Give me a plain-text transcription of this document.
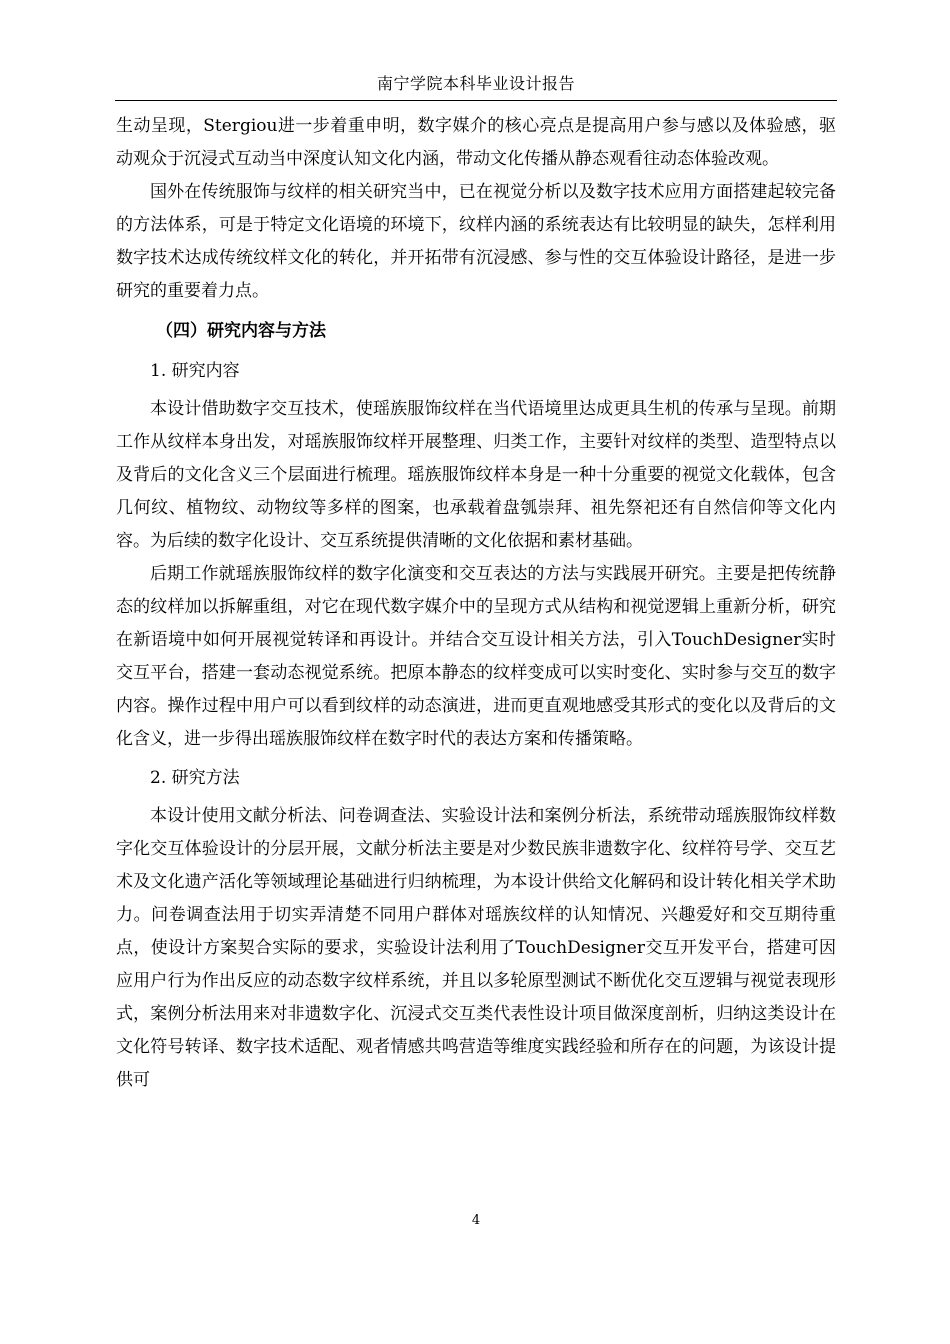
南宁学院本科毕业设计报告

生动呈现，Stergiou进一步着重申明，数字媒介的核心亮点是提高用户参与感以及体验感，驱动观众于沉浸式互动当中深度认知文化内涵，带动文化传播从静态观看往动态体验改观。

国外在传统服饰与纹样的相关研究当中，已在视觉分析以及数字技术应用方面搭建起较完备的方法体系，可是于特定文化语境的环境下，纹样内涵的系统表达有比较明显的缺失，怎样利用数字技术达成传统纹样文化的转化，并开拓带有沉浸感、参与性的交互体验设计路径，是进一步研究的重要着力点。

（四）研究内容与方法
1. 研究内容

本设计借助数字交互技术，使瑶族服饰纹样在当代语境里达成更具生机的传承与呈现。前期工作从纹样本身出发，对瑶族服饰纹样开展整理、归类工作，主要针对纹样的类型、造型特点以及背后的文化含义三个层面进行梳理。瑶族服饰纹样本身是一种十分重要的视觉文化载体，包含几何纹、植物纹、动物纹等多样的图案，也承载着盘瓠崇拜、祖先祭祀还有自然信仰等文化内容。为后续的数字化设计、交互系统提供清晰的文化依据和素材基础。

后期工作就瑶族服饰纹样的数字化演变和交互表达的方法与实践展开研究。主要是把传统静态的纹样加以拆解重组，对它在现代数字媒介中的呈现方式从结构和视觉逻辑上重新分析，研究在新语境中如何开展视觉转译和再设计。并结合交互设计相关方法，引入TouchDesigner实时交互平台，搭建一套动态视觉系统。把原本静态的纹样变成可以实时变化、实时参与交互的数字内容。操作过程中用户可以看到纹样的动态演进，进而更直观地感受其形式的变化以及背后的文化含义，进一步得出瑶族服饰纹样在数字时代的表达方案和传播策略。

2. 研究方法

本设计使用文献分析法、问卷调查法、实验设计法和案例分析法，系统带动瑶族服饰纹样数字化交互体验设计的分层开展，文献分析法主要是对少数民族非遗数字化、纹样符号学、交互艺术及文化遗产活化等领域理论基础进行归纳梳理，为本设计供给文化解码和设计转化相关学术助力。问卷调查法用于切实弄清楚不同用户群体对瑶族纹样的认知情况、兴趣爱好和交互期待重点，使设计方案契合实际的要求，实验设计法利用了TouchDesigner交互开发平台，搭建可因应用户行为作出反应的动态数字纹样系统，并且以多轮原型测试不断优化交互逻辑与视觉表现形式，案例分析法用来对非遗数字化、沉浸式交互类代表性设计项目做深度剖析，归纳这类设计在文化符号转译、数字技术适配、观者情感共鸣营造等维度实践经验和所存在的问题，为该设计提供可

4
